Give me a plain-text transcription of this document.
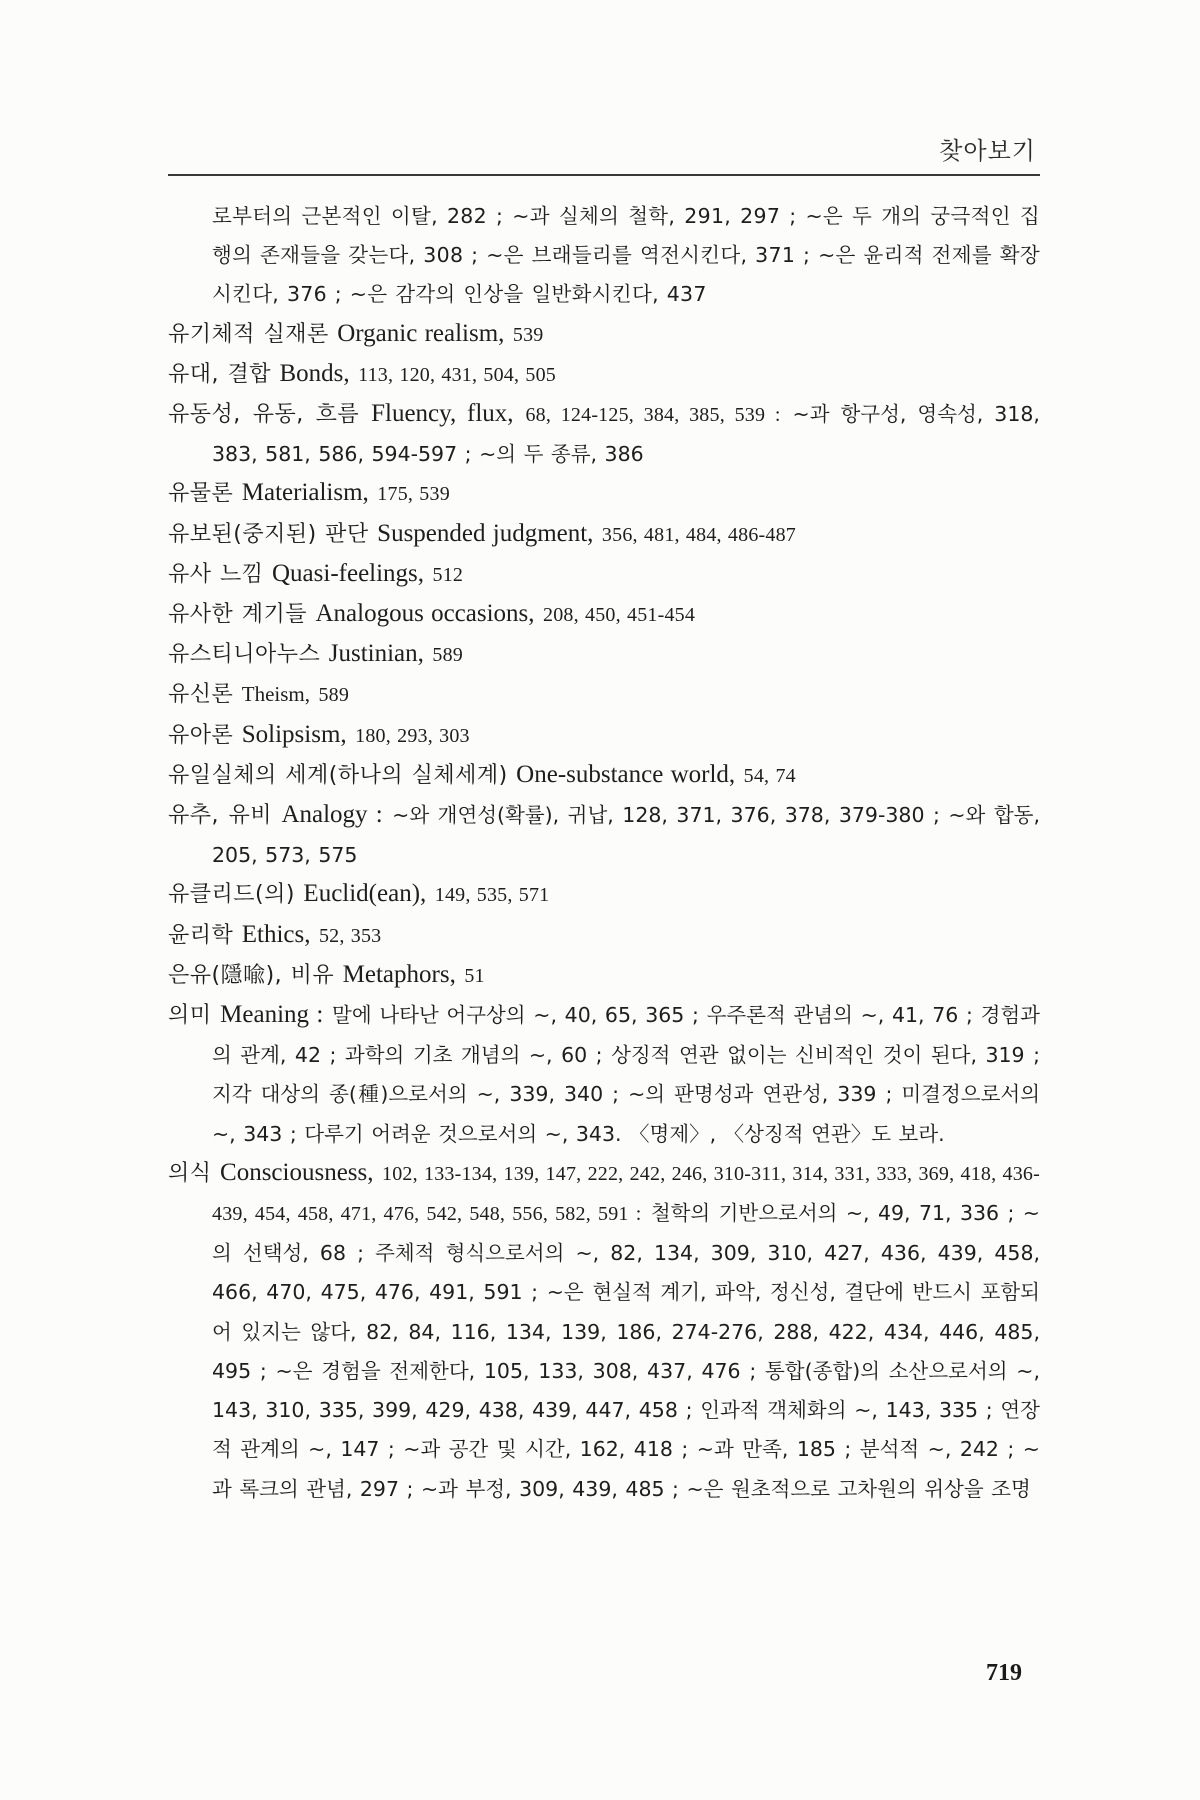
찾아보기

로부터의 근본적인 이탈, 282 ; ~과 실체의 철학, 291, 297 ; ~은 두 개의 궁극적인 집행의 존재들을 갖는다, 308 ; ~은 브래들리를 역전시킨다, 371 ; ~은 윤리적 전제를 확장시킨다, 376 ; ~은 감각의 인상을 일반화시킨다, 437

유기체적 실재론 Organic realism, 539

유대, 결합 Bonds, 113, 120, 431, 504, 505

유동성, 유동, 흐름 Fluency, flux, 68, 124-125, 384, 385, 539 : ~과 항구성, 영속성, 318, 383, 581, 586, 594-597 ; ~의 두 종류, 386

유물론 Materialism, 175, 539

유보된(중지된) 판단 Suspended judgment, 356, 481, 484, 486-487

유사 느낌 Quasi-feelings, 512

유사한 계기들 Analogous occasions, 208, 450, 451-454

유스티니아누스 Justinian, 589

유신론 Theism, 589

유아론 Solipsism, 180, 293, 303

유일실체의 세계(하나의 실체세계) One-substance world, 54, 74

유추, 유비 Analogy : ~와 개연성(확률), 귀납, 128, 371, 376, 378, 379-380 ; ~와 합동, 205, 573, 575

유클리드(의) Euclid(ean), 149, 535, 571

윤리학 Ethics, 52, 353

은유(隱喩), 비유 Metaphors, 51

의미 Meaning : 말에 나타난 어구상의 ~, 40, 65, 365 ; 우주론적 관념의 ~, 41, 76 ; 경험과의 관계, 42 ; 과학의 기초 개념의 ~, 60 ; 상징적 연관 없이는 신비적인 것이 된다, 319 ; 지각 대상의 종(種)으로서의 ~, 339, 340 ; ~의 판명성과 연관성, 339 ; 미결정으로서의 ~, 343 ; 다루기 어려운 것으로서의 ~, 343. 〈명제〉, 〈상징적 연관〉도 보라.

의식 Consciousness, 102, 133-134, 139, 147, 222, 242, 246, 310-311, 314, 331, 333, 369, 418, 436-439, 454, 458, 471, 476, 542, 548, 556, 582, 591 : 철학의 기반으로서의 ~, 49, 71, 336 ; ~의 선택성, 68 ; 주체적 형식으로서의 ~, 82, 134, 309, 310, 427, 436, 439, 458, 466, 470, 475, 476, 491, 591 ; ~은 현실적 계기, 파악, 정신성, 결단에 반드시 포함되어 있지는 않다, 82, 84, 116, 134, 139, 186, 274-276, 288, 422, 434, 446, 485, 495 ; ~은 경험을 전제한다, 105, 133, 308, 437, 476 ; 통합(종합)의 소산으로서의 ~, 143, 310, 335, 399, 429, 438, 439, 447, 458 ; 인과적 객체화의 ~, 143, 335 ; 연장적 관계의 ~, 147 ; ~과 공간 및 시간, 162, 418 ; ~과 만족, 185 ; 분석적 ~, 242 ; ~과 록크의 관념, 297 ; ~과 부정, 309, 439, 485 ; ~은 원초적으로 고차원의 위상을 조명

719
